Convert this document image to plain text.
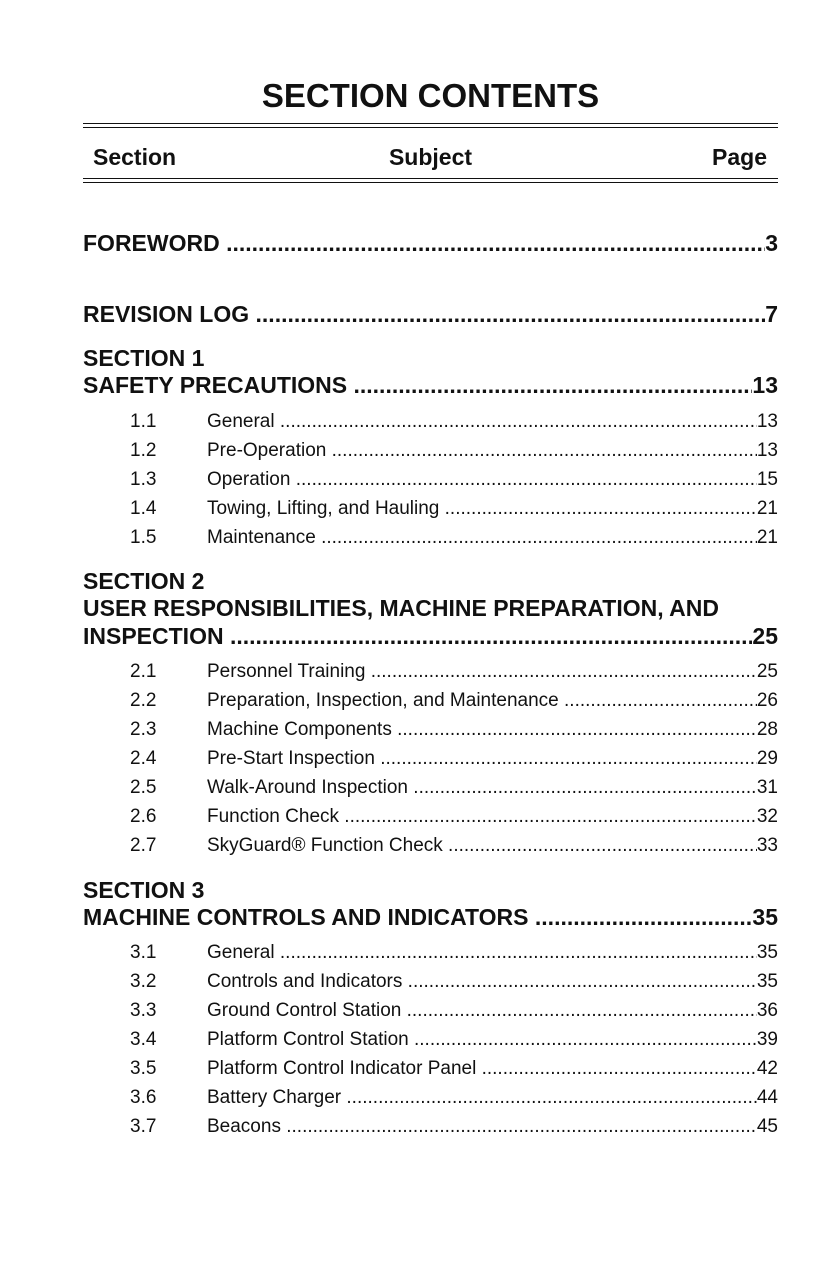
SECTION CONTENTS
Section	Subject	Page
FOREWORD .....	3
REVISION LOG .....	7
SECTION 1
SAFETY PRECAUTIONS .....	13
1.1	General .....	13
1.2	Pre-Operation .....	13
1.3	Operation .....	15
1.4	Towing, Lifting, and Hauling .....	21
1.5	Maintenance .....	21
SECTION 2
USER RESPONSIBILITIES, MACHINE PREPARATION, AND
INSPECTION .....	25
2.1	Personnel Training .....	25
2.2	Preparation, Inspection, and Maintenance .....	26
2.3	Machine Components .....	28
2.4	Pre-Start Inspection .....	29
2.5	Walk-Around Inspection .....	31
2.6	Function Check .....	32
2.7	SkyGuard® Function Check .....	33
SECTION 3
MACHINE CONTROLS AND INDICATORS .....	35
3.1	General .....	35
3.2	Controls and Indicators .....	35
3.3	Ground Control Station .....	36
3.4	Platform Control Station .....	39
3.5	Platform Control Indicator Panel .....	42
3.6	Battery Charger .....	44
3.7	Beacons .....	45
